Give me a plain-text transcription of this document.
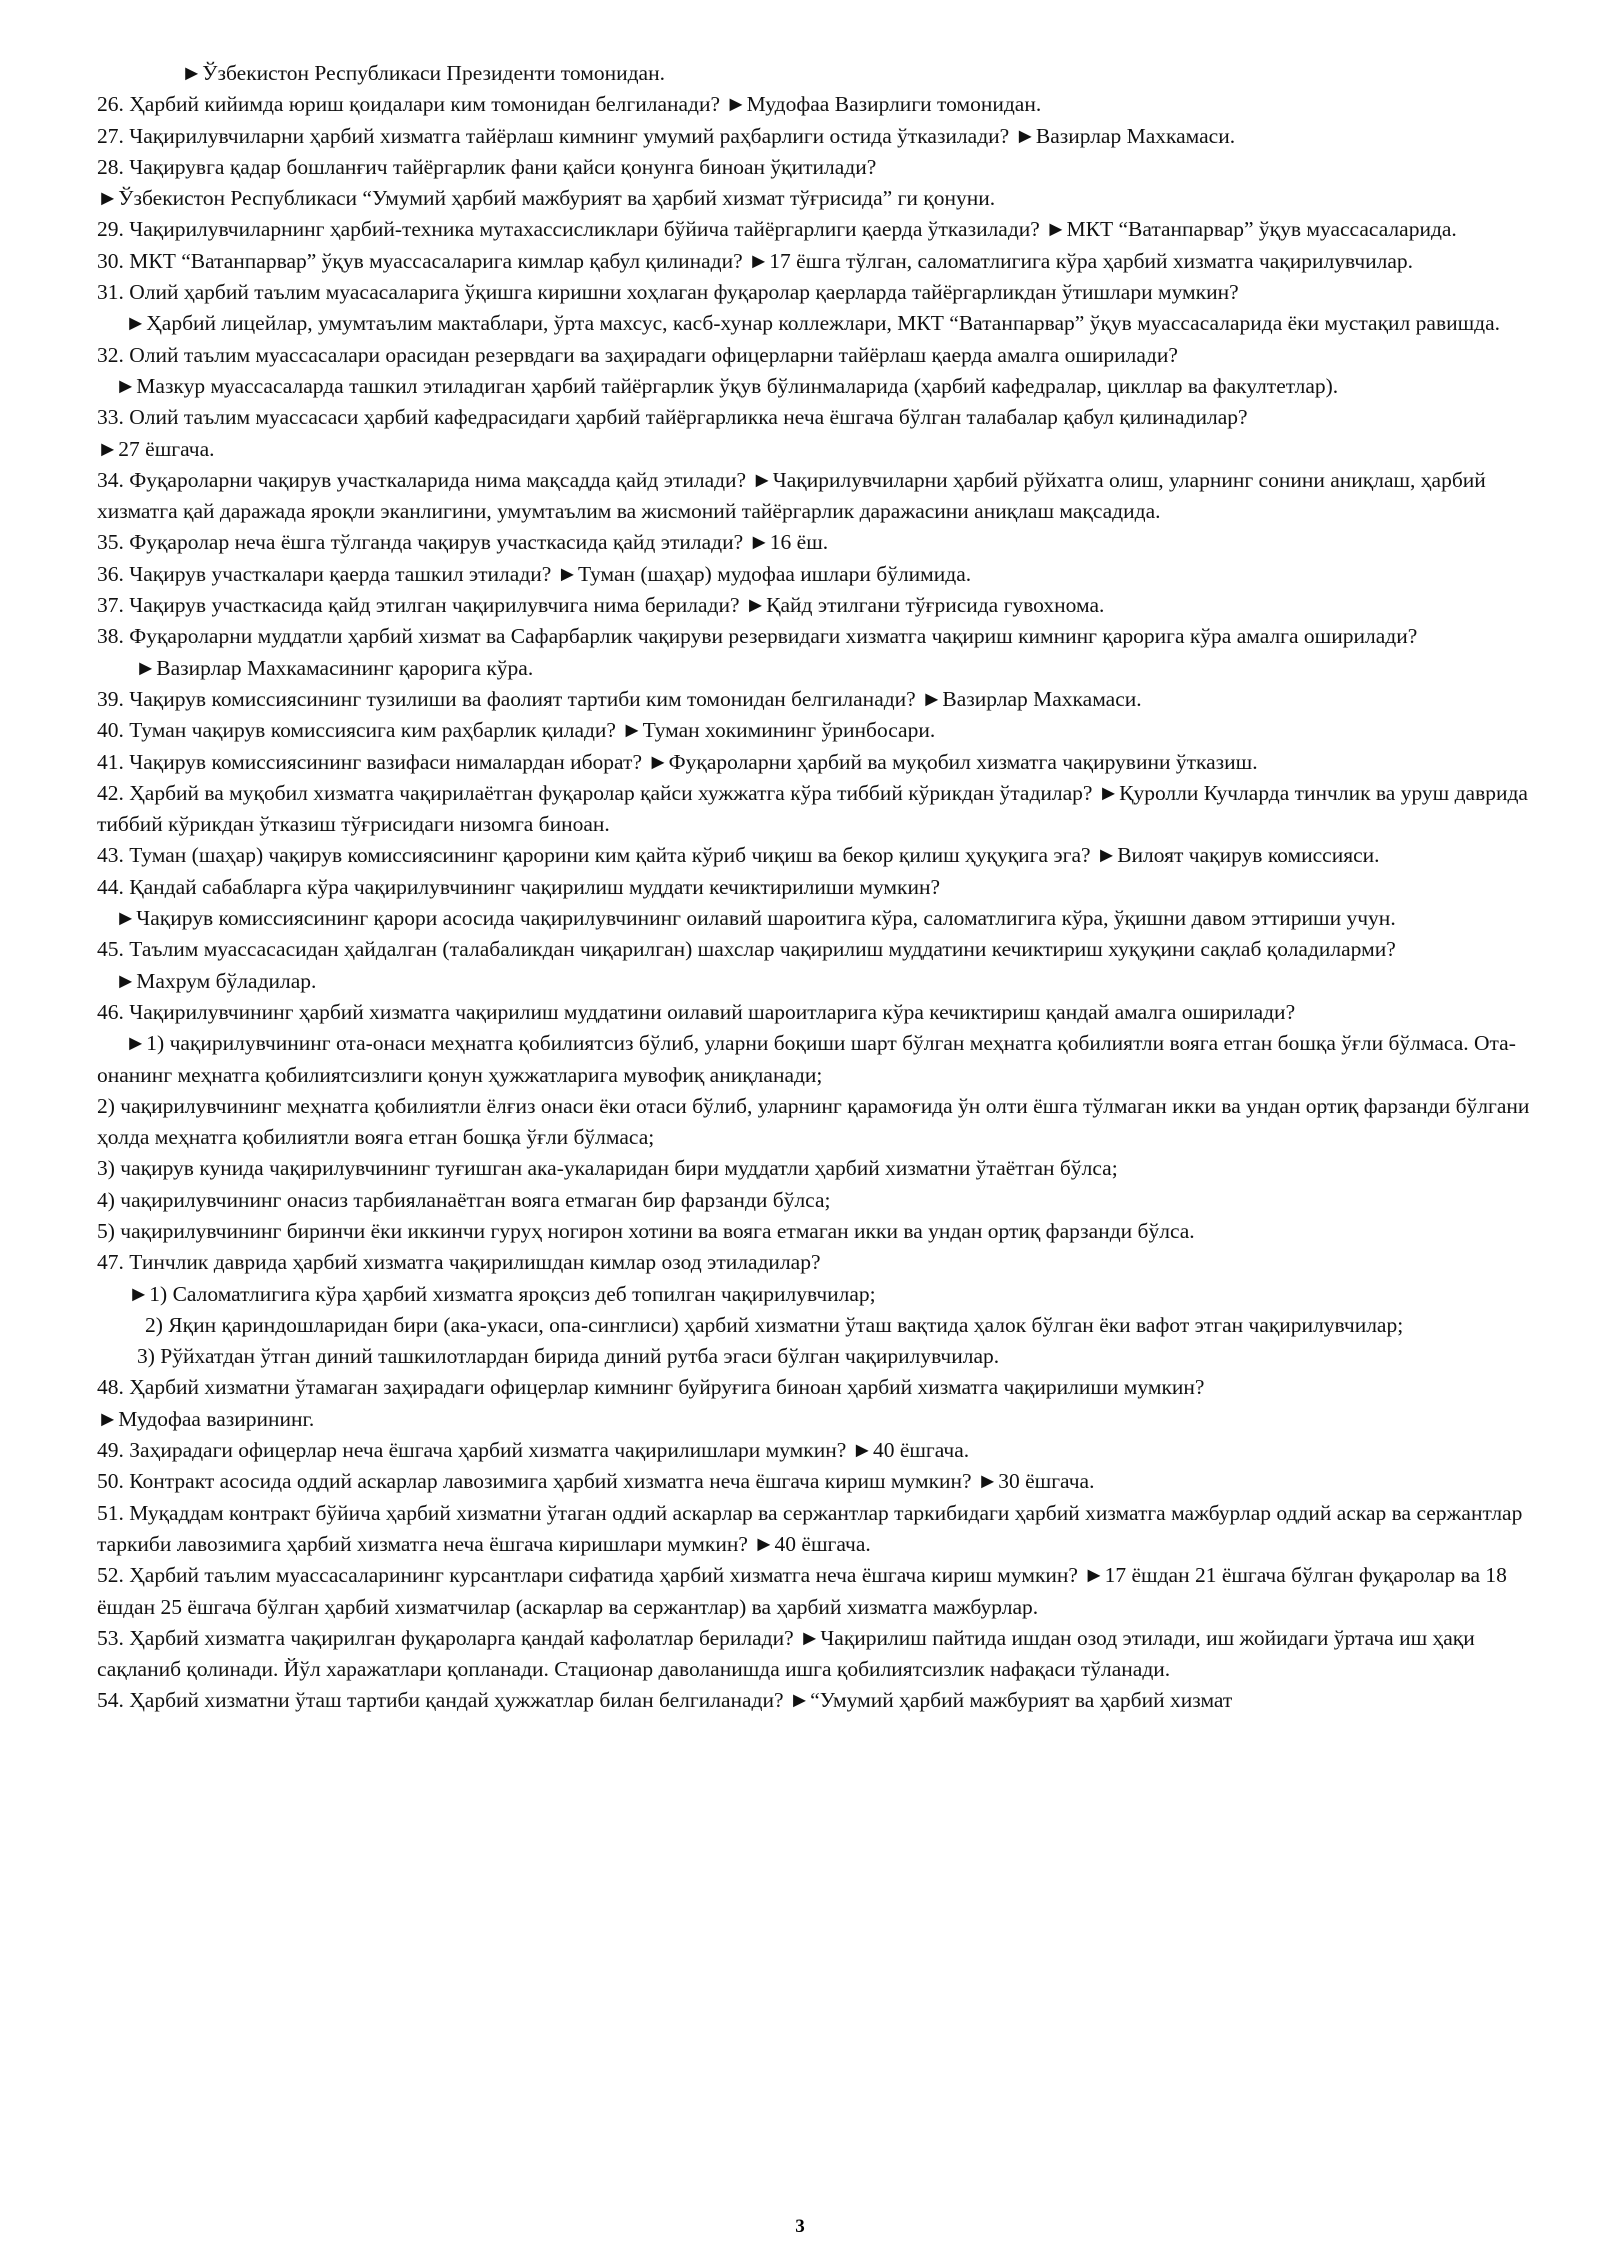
►Ўзбекистон Республикаси Президенти томонидан.

26. Ҳарбий кийимда юриш қоидалари ким томонидан белгиланади? ►Мудофаа Вазирлиги томонидан.

27. Чақирилувчиларни ҳарбий хизматга тайёрлаш кимнинг умумий раҳбарлиги остида ўтказилади? ►Вазирлар Махкамаси.

28. Чақирувга қадар бошланғич тайёргарлик фани қайси қонунга биноан ўқитилади?

►Ўзбекистон Республикаси “Умумий ҳарбий мажбурият ва ҳарбий хизмат тўғрисида” ги қонуни.

29. Чақирилувчиларнинг ҳарбий-техника мутахассисликлари бўйича тайёргарлиги қаерда ўтказилади? ►МКТ “Ватанпарвар” ўқув муассасаларида.

30. МКТ “Ватанпарвар” ўқув муассасаларига кимлар қабул қилинади? ►17 ёшга тўлган, саломатлигига кўра ҳарбий хизматга чақирилувчилар.

31. Олий ҳарбий таълим муасасаларига ўқишга киришни хоҳлаган фуқаролар қаерларда тайёргарликдан ўтишлари мумкин?

►Ҳарбий лицейлар, умумтаълим мактаблари, ўрта махсус, касб-хунар коллежлари, МКТ “Ватанпарвар” ўқув муассасаларида ёки мустақил равишда.

32. Олий таълим муассасалари орасидан резервдаги ва заҳирадаги офицерларни тайёрлаш қаерда амалга оширилади?

►Мазкур муассасаларда ташкил этиладиган ҳарбий тайёргарлик ўқув бўлинмаларида (ҳарбий кафедралар, цикллар ва факултетлар).

33. Олий таълим муассасаси ҳарбий кафедрасидаги ҳарбий тайёргарликка неча ёшгача бўлган талабалар қабул қилинадилар?

►27 ёшгача.

34. Фуқароларни чақирув участкаларида нима мақсадда қайд этилади? ►Чақирилувчиларни ҳарбий рўйхатга олиш, уларнинг сонини аниқлаш, ҳарбий хизматга қай даражада яроқли эканлигини, умумтаълим ва жисмоний тайёргарлик даражасини аниқлаш мақсадида.

35. Фуқаролар неча ёшга тўлганда чақирув участкасида қайд этилади? ►16 ёш.

36. Чақирув участкалари қаерда ташкил этилади? ►Туман (шаҳар) мудофаа ишлари бўлимида.

37. Чақирув участкасида қайд этилган чақирилувчига нима берилади? ►Қайд этилгани тўғрисида гувохнома.

38. Фуқароларни муддатли ҳарбий хизмат ва Сафарбарлик чақируви резервидаги хизматга чақириш кимнинг қарорига кўра амалга оширилади?

►Вазирлар Махкамасининг қарорига кўра.

39. Чақирув комиссиясининг тузилиши ва фаолият тартиби ким томонидан белгиланади? ►Вазирлар Махкамаси.

40. Туман чақирув комиссиясига ким раҳбарлик қилади? ►Туман хокимининг ўринбосари.

41. Чақирув комиссиясининг вазифаси нималардан иборат? ►Фуқароларни ҳарбий ва муқобил хизматга чақирувини ўтказиш.

42. Ҳарбий ва муқобил хизматга чақирилаётган фуқаролар қайси хужжатга кўра тиббий кўрикдан ўтадилар? ►Қуролли Кучларда тинчлик ва уруш даврида тиббий кўрикдан ўтказиш тўғрисидаги низомга биноан.

43. Туман (шаҳар) чақирув комиссиясининг қарорини ким қайта кўриб чиқиш ва бекор қилиш ҳуқуқига эга? ►Вилоят чақирув комиссияси.

44. Қандай сабабларга кўра чақирилувчининг чақирилиш муддати кечиктирилиши мумкин?

►Чақирув комиссиясининг қарори асосида чақирилувчининг оилавий шароитига кўра, саломатлигига кўра, ўқишни давом эттириши учун.

45. Таълим муассасасидан ҳайдалган (талабаликдан чиқарилган) шахслар чақирилиш муддатини кечиктириш хуқуқини сақлаб қоладиларми?

►Махрум бўладилар.

46. Чақирилувчининг ҳарбий хизматга чақирилиш муддатини оилавий шароитларига кўра кечиктириш қандай амалга оширилади?

►1) чақирилувчининг ота-онаси меҳнатга қобилиятсиз бўлиб, уларни боқиши шарт бўлган меҳнатга қобилиятли вояга етган бошқа ўғли бўлмаса. Ота-онанинг меҳнатга қобилиятсизлиги қонун ҳужжатларига мувофиқ аниқланади;

2) чақирилувчининг меҳнатга қобилиятли ёлғиз онаси ёки отаси бўлиб, уларнинг қарамоғида ўн олти ёшга тўлмаган икки ва ундан ортиқ фарзанди бўлгани ҳолда меҳнатга қобилиятли вояга етган бошқа ўғли бўлмаса;

3) чақирув кунида чақирилувчининг туғишган ака-укаларидан бири муддатли ҳарбий хизматни ўтаётган бўлса;

4) чақирилувчининг онасиз тарбияланаётган вояга етмаган бир фарзанди бўлса;

5) чақирилувчининг биринчи ёки иккинчи гуруҳ ногирон хотини ва вояга етмаган икки ва ундан ортиқ фарзанди бўлса.

47. Тинчлик даврида ҳарбий хизматга чақирилишдан кимлар озод этиладилар?

►1) Саломатлигига кўра ҳарбий хизматга яроқсиз деб топилган чақирилувчилар;

2) Яқин қариндошларидан бири (ака-укаси, опа-синглиси) ҳарбий хизматни ўташ вақтида ҳалок бўлган ёки вафот этган чақирилувчилар;

3) Рўйхатдан ўтган диний ташкилотлардан бирида диний рутба эгаси бўлган чақирилувчилар.

48. Ҳарбий хизматни ўтамаган заҳирадаги офицерлар кимнинг буйруғига биноан ҳарбий хизматга чақирилиши мумкин?

►Мудофаа вазирининг.

49. Заҳирадаги офицерлар неча ёшгача ҳарбий хизматга чақирилишлари мумкин? ►40 ёшгача.

50. Контракт асосида оддий аскарлар лавозимига ҳарбий хизматга неча ёшгача кириш мумкин? ►30 ёшгача.

51. Муқаддам контракт бўйича ҳарбий хизматни ўтаган оддий аскарлар ва сержантлар таркибидаги ҳарбий хизматга мажбурлар оддий аскар ва сержантлар таркиби лавозимига ҳарбий хизматга неча ёшгача киришлари мумкин? ►40 ёшгача.

52. Ҳарбий таълим муассасаларининг курсантлари сифатида ҳарбий хизматга неча ёшгача кириш мумкин? ►17 ёшдан 21 ёшгача бўлган фуқаролар ва 18 ёшдан 25 ёшгача бўлган ҳарбий хизматчилар (аскарлар ва сержантлар) ва ҳарбий хизматга мажбурлар.

53. Ҳарбий хизматга чақирилган фуқароларга қандай кафолатлар берилади? ►Чақирилиш пайтида ишдан озод этилади, иш жойидаги ўртача иш ҳақи сақланиб қолинади. Йўл харажатлари қопланади. Стационар даволанишда ишга қобилиятсизлик нафақаси тўланади.

54. Ҳарбий хизматни ўташ тартиби қандай ҳужжатлар билан белгиланади? ►“Умумий ҳарбий мажбурият ва ҳарбий хизмат

3
